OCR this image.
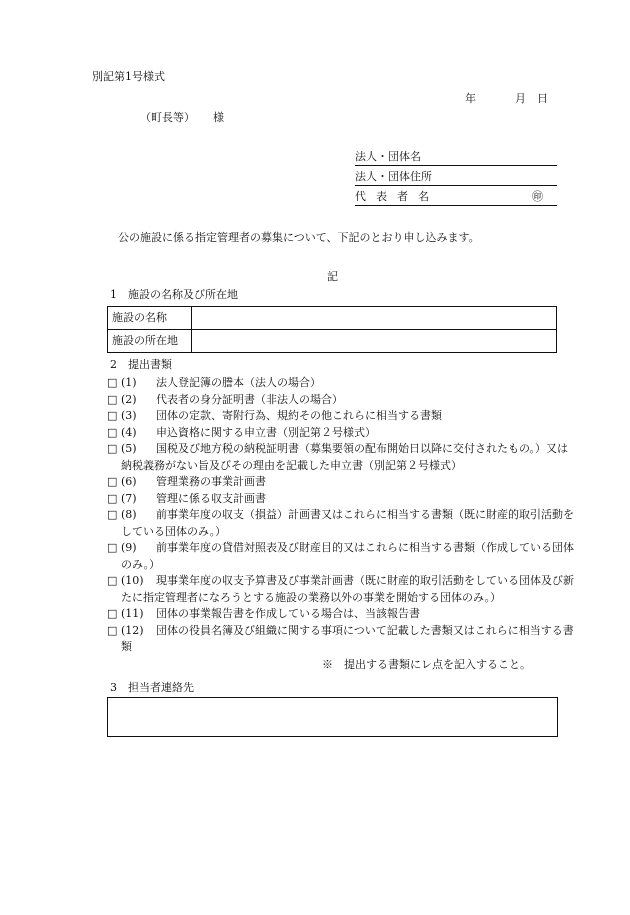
別記第1号様式
年	月 日
（町長等） 様
法人・団体名
法人・団体住所
代表者名	㊞
公の施設に係る指定管理者の募集について、下記のとおり申し込みます。
記
1　施設の名称及び所在地
施設の名称	
施設の所在地	
2　提出書類
□ (1) 法人登記簿の謄本（法人の場合）
□ (2) 代表者の身分証明書（非法人の場合）
□ (3) 団体の定款、寄附行為、規約その他これらに相当する書類
□ (4) 申込資格に関する申立書（別記第２号様式）
□ (5) 国税及び地方税の納税証明書（募集要領の配布開始日以降に交付されたもの。）又は納税義務がない旨及びその理由を記載した申立書（別記第２号様式）
□ (6) 管理業務の事業計画書
□ (7) 管理に係る収支計画書
□ (8) 前事業年度の収支（損益）計画書又はこれらに相当する書類（既に財産的取引活動をしている団体のみ。）
□ (9) 前事業年度の貸借対照表及び財産目的又はこれらに相当する書類（作成している団体のみ。）
□ (10) 現事業年度の収支予算書及び事業計画書（既に財産的取引活動をしている団体及び新たに指定管理者になろうとする施設の業務以外の事業を開始する団体のみ。）
□ (11) 団体の事業報告書を作成している場合は、当該報告書
□ (12) 団体の役員名簿及び組織に関する事項について記載した書類又はこれらに相当する書類
※　提出する書類にレ点を記入すること。
3　担当者連絡先
